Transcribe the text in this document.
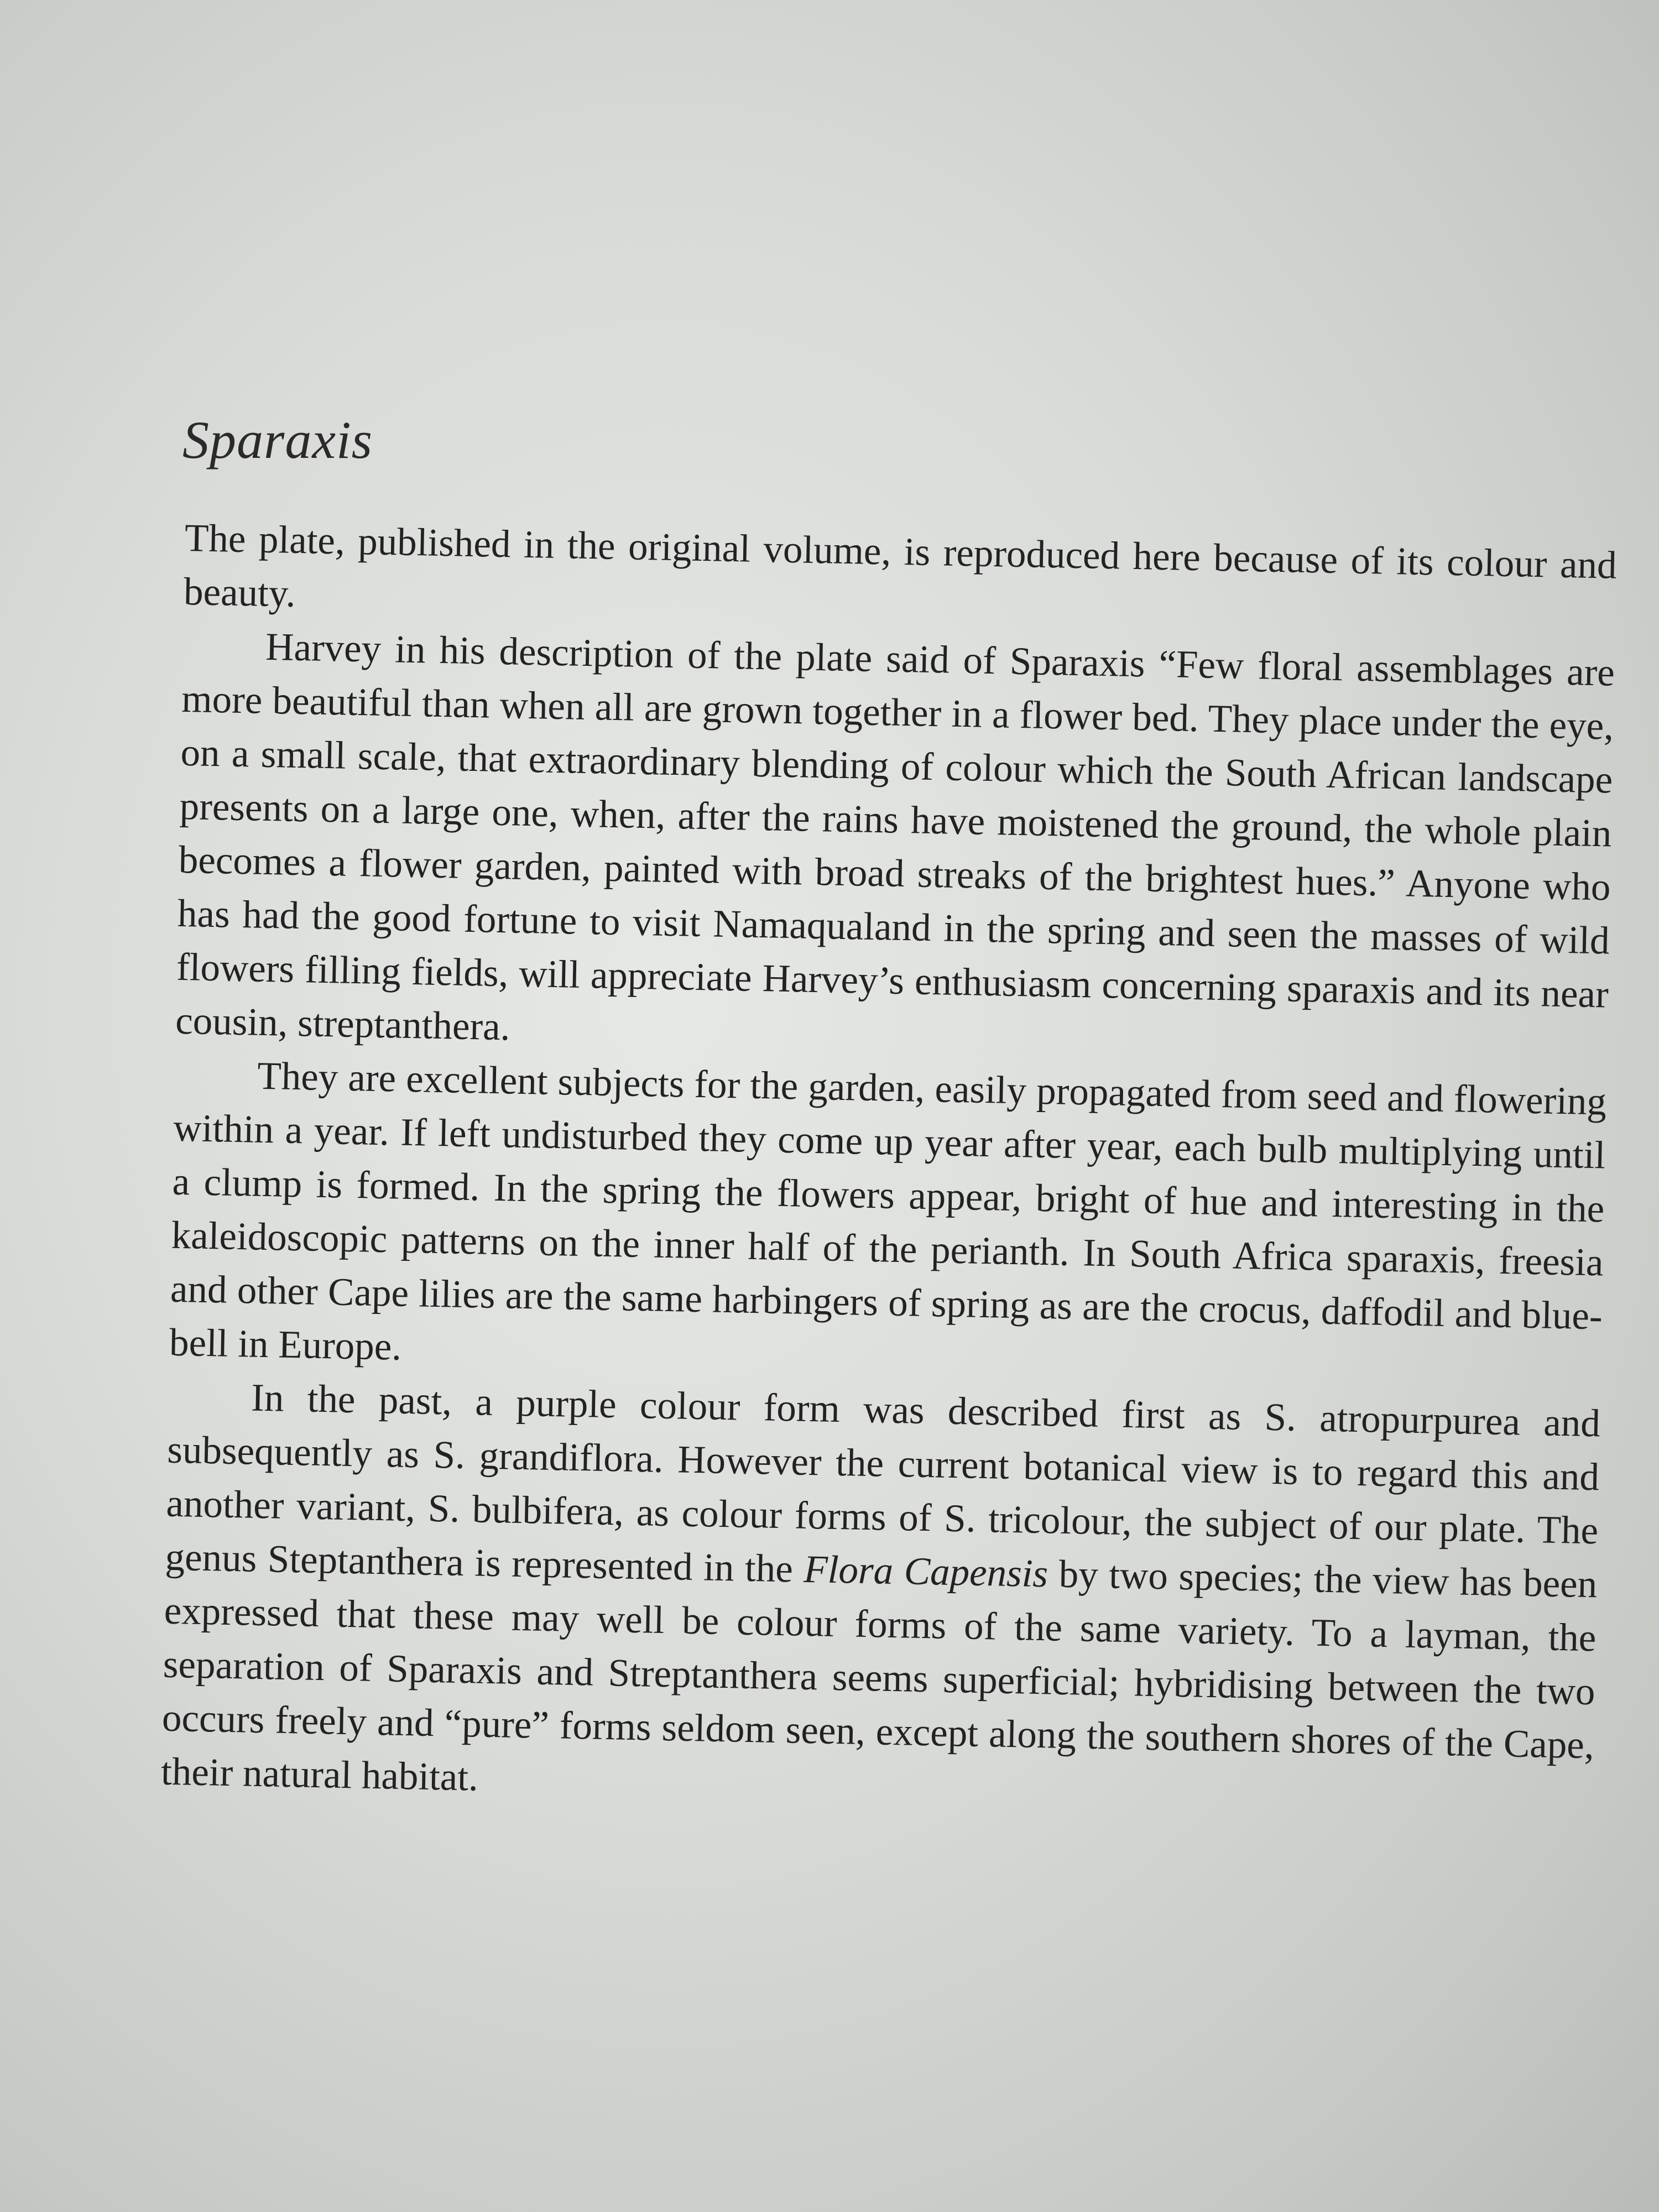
Sparaxis

The plate, published in the original volume, is reproduced here because of its colour and beauty.

Harvey in his description of the plate said of Sparaxis “Few floral assemblages are more beautiful than when all are grown together in a flower bed. They place under the eye, on a small scale, that extraordinary blending of colour which the South African landscape presents on a large one, when, after the rains have moistened the ground, the whole plain becomes a flower garden, painted with broad streaks of the brightest hues.” Anyone who has had the good fortune to visit Namaqualand in the spring and seen the masses of wild flowers filling fields, will appreciate Harvey’s enthusiasm concerning sparaxis and its near cousin, streptanthera.

They are excellent subjects for the garden, easily propagated from seed and flowering within a year. If left undisturbed they come up year after year, each bulb multiplying until a clump is formed. In the spring the flowers appear, bright of hue and interesting in the kaleidoscopic patterns on the inner half of the perianth. In South Africa sparaxis, freesia and other Cape lilies are the same harbingers of spring as are the crocus, daffodil and blue-bell in Europe.

In the past, a purple colour form was described first as S. atropurpurea and subsequently as S. grandiflora. However the current botanical view is to regard this and another variant, S. bulbifera, as colour forms of S. tricolour, the subject of our plate. The genus Steptanthera is represented in the Flora Capensis by two species; the view has been expressed that these may well be colour forms of the same variety. To a layman, the separation of Sparaxis and Streptanthera seems superficial; hybridising between the two occurs freely and “pure” forms seldom seen, except along the southern shores of the Cape, their natural habitat.
